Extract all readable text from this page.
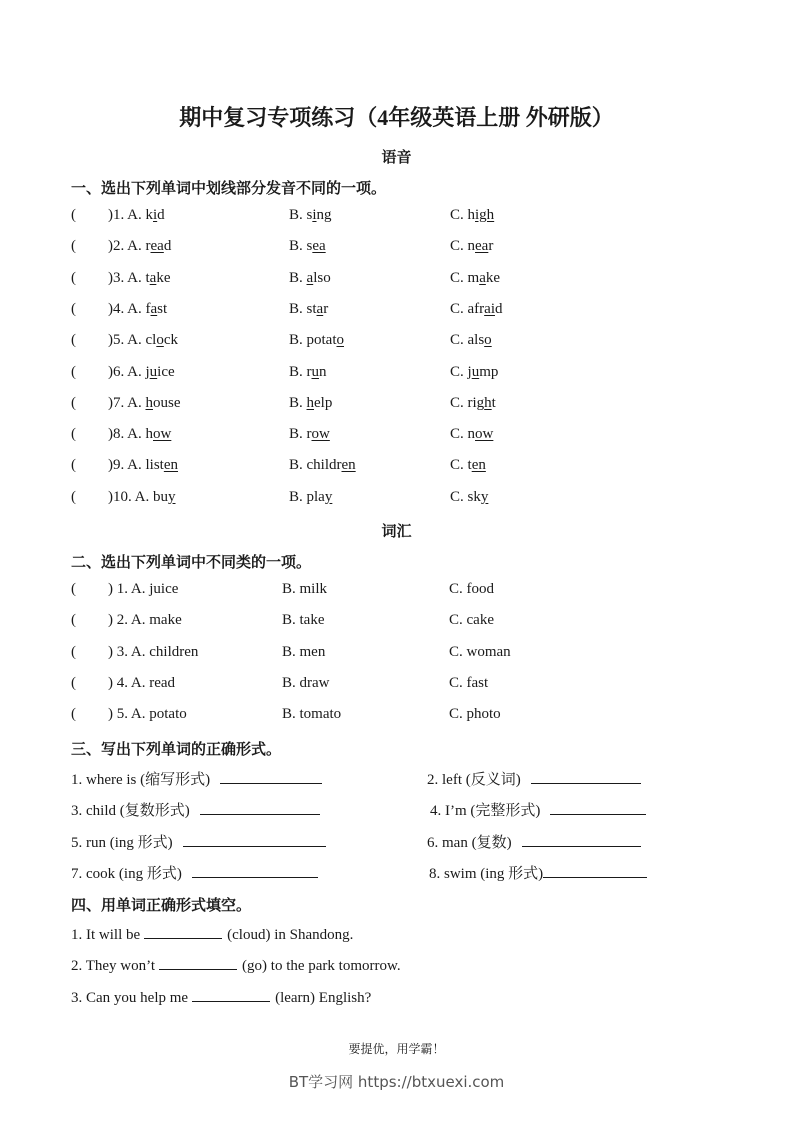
期中复习专项练习（4年级英语上册 外研版）
语音
一、选出下列单词中划线部分发音不同的一项。
( )1. A. kid	B. sing	C. high
( )2. A. read	B. sea	C. near
( )3. A. take	B. also	C. make
( )4. A. fast	B. star	C. afraid
( )5. A. clock	B. potato	C. also
( )6. A. juice	B. run	C. jump
( )7. A. house	B. help	C. right
( )8. A. how	B. row	C. now
( )9. A. listen	B. children	C. ten
( )10. A. buy	B. play	C. sky
词汇
二、选出下列单词中不同类的一项。
( ) 1. A. juice	B. milk	C. food
( ) 2. A. make	B. take	C. cake
( ) 3. A. children	B. men	C. woman
( ) 4. A. read	B. draw	C. fast
( ) 5. A. potato	B. tomato	C. photo
三、写出下列单词的正确形式。
1. where is (缩写形式)	2. left (反义词)
3. child (复数形式)	4. I’m (完整形式)
5. run (ing 形式)	6. man (复数)
7. cook (ing 形式)	8. swim (ing 形式)
四、用单词正确形式填空。
1. It will be	(cloud) in Shandong.
2. They won’t	(go) to the park tomorrow.
3. Can you help me	(learn) English?
要提优，用学霸！
BT学习网 https://btxuexi.com
